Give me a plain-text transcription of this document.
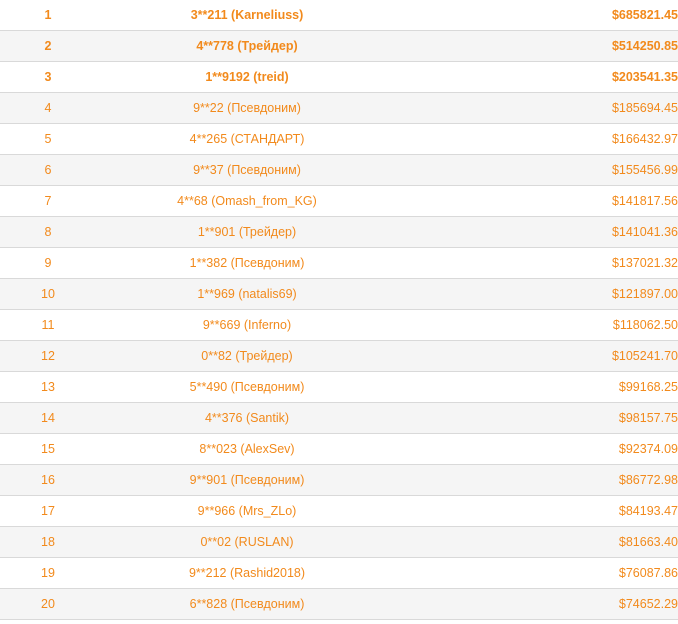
1	3**211 (Karneliuss)	$685821.45
2	4**778 (Трейдер)	$514250.85
3	1**9192 (treid)	$203541.35
4	9**22 (Псевдоним)	$185694.45
5	4**265 (СТАНДАРТ)	$166432.97
6	9**37 (Псевдоним)	$155456.99
7	4**68 (Omash_from_KG)	$141817.56
8	1**901 (Трейдер)	$141041.36
9	1**382 (Псевдоним)	$137021.32
10	1**969 (natalis69)	$121897.00
11	9**669 (Inferno)	$118062.50
12	0**82 (Трейдер)	$105241.70
13	5**490 (Псевдоним)	$99168.25
14	4**376 (Santik)	$98157.75
15	8**023 (AlexSev)	$92374.09
16	9**901 (Псевдоним)	$86772.98
17	9**966 (Mrs_ZLo)	$84193.47
18	0**02 (RUSLAN)	$81663.40
19	9**212 (Rashid2018)	$76087.86
20	6**828 (Псевдоним)	$74652.29
